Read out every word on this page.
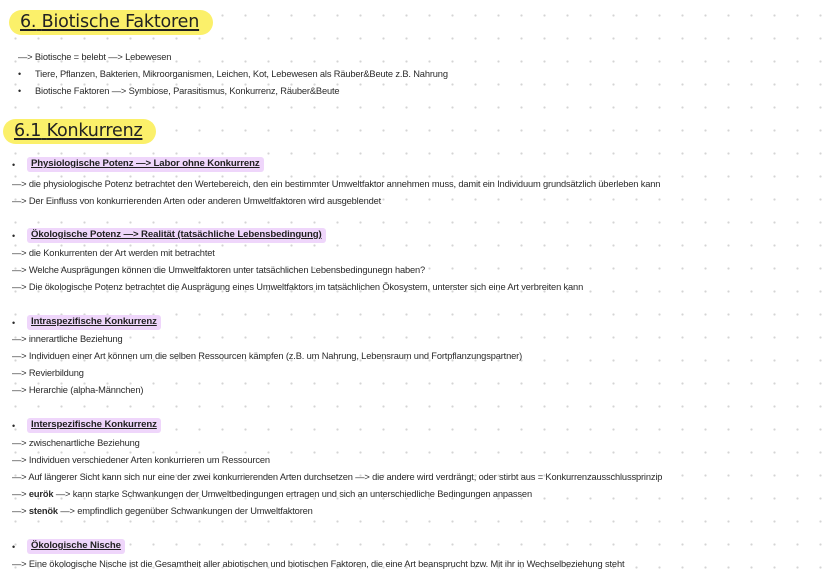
6. Biotische Faktoren
—> Biotische = belebt —> Lebewesen
• Tiere, Pflanzen, Bakterien, Mikroorganismen, Leichen, Kot, Lebewesen als Räuber&Beute z.B. Nahrung
• Biotische Faktoren —> Symbiose, Parasitismus, Konkurrenz, Räuber&Beute
6.1 Konkurrenz
•	Physiologische Potenz —> Labor ohne Konkurrenz
—> die physiologische Potenz betrachtet den Wertebereich, den ein bestimmter Umweltfaktor annehmen muss, damit ein Individuum grundsätzlich überleben kann
—> Der Einfluss von konkurrierenden Arten oder anderen Umweltfaktoren wird ausgeblendet
•	Ökologische Potenz —> Realität (tatsächliche Lebensbedingung)
—> die Konkurrenten der Art werden mit betrachtet
—> Welche Ausprägungen können die Umweltfaktoren unter tatsächlichen Lebensbedingunegn haben?
—> Die ökologische Potenz betrachtet die Ausprägung eines Umweltfaktors im tatsächlichen Ökosystem, unterster sich eine Art verbreiten kann
•	Intraspezifische Konkurrenz
—> innerartliche Beziehung
—> Individuen einer Art können um die selben Ressourcen kämpfen (z.B. um Nahrung, Lebensraum und Fortpflanzungspartner)
—> Revierbildung
—> Herarchie (alpha-Männchen)
•	Interspezifische Konkurrenz
—> zwischenartliche Beziehung
—> Individuen verschiedener Arten konkurrieren um Ressourcen
—> Auf längerer Sicht kann sich nur eine der zwei konkurrierenden Arten durchsetzen —> die andere wird verdrängt, oder stirbt aus = Konkurrenzausschlussprinzip
—> eurök —> kann starke Schwankungen der Umweltbedingungen ertragen und sich an unterschiedliche Bedingungen anpassen
—> stenök —> empfindlich gegenüber Schwankungen der Umweltfaktoren
•	Ökologische Nische
—> Eine ökologische Nische ist die Gesamtheit aller abiotischen und biotischen Faktoren, die eine Art beansprucht bzw. Mit ihr in Wechselbeziehung steht
